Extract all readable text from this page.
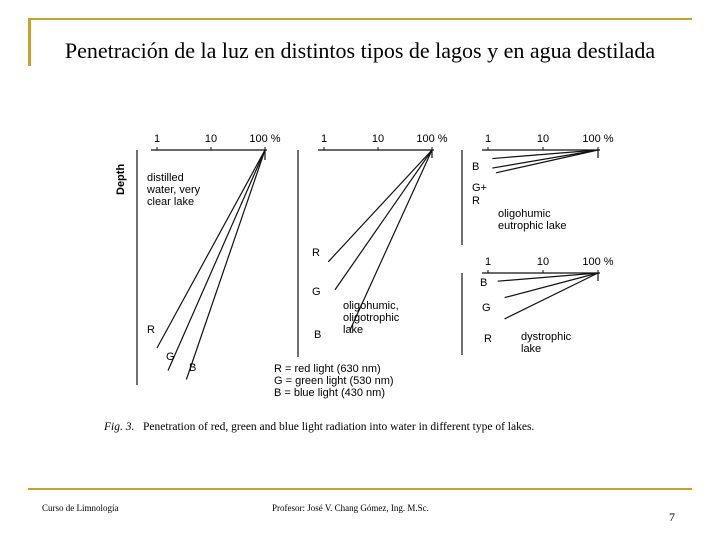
Penetración de la luz en distintos tipos de lagos y en agua destilada
1	10	100 %
Depth
R
G
B
distilled
water, very
clear lake
1	10	100 %
R
G
B
oligohumic,
oligotrophic
lake
1	10	100 %
B
G+
R
oligohumic
eutrophic lake
1	10	100 %
B
G
R	dystrophic
lake
R = red light (630 nm)
G = green light (530 nm)
B = blue light (430 nm)
Fig. 3. Penetration of red, green and blue light radiation into water in different type of lakes.
Curso de Limnología	Profesor: José V. Chang Gómez, Ing. M.Sc.
7
